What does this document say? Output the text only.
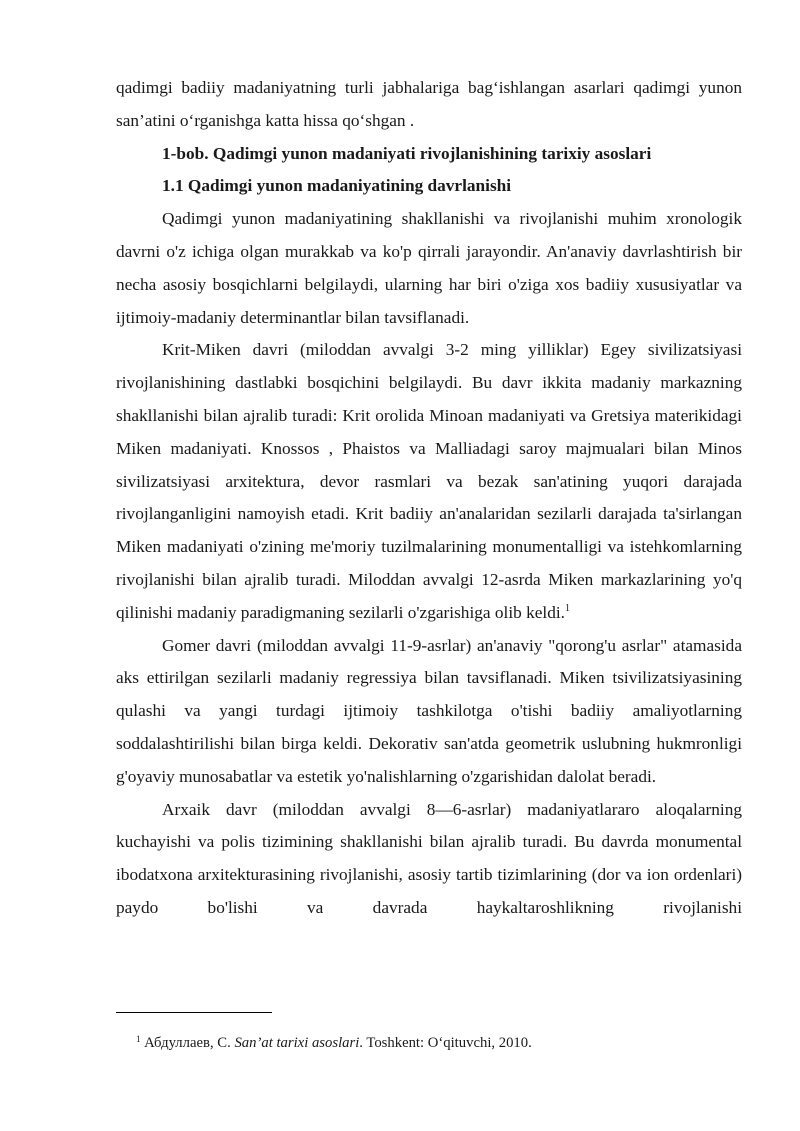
qadimgi badiiy madaniyatning turli jabhalariga bag‘ishlangan asarlari qadimgi yunon san’atini o‘rganishga katta hissa qo‘shgan .

1-bob. Qadimgi yunon madaniyati rivojlanishining tarixiy asoslari

1.1 Qadimgi yunon madaniyatining davrlanishi

Qadimgi yunon madaniyatining shakllanishi va rivojlanishi muhim xronologik davrni o'z ichiga olgan murakkab va ko'p qirrali jarayondir. An'anaviy davrlashtirish bir necha asosiy bosqichlarni belgilaydi, ularning har biri o'ziga xos badiiy xususiyatlar va ijtimoiy-madaniy determinantlar bilan tavsiflanadi.

Krit-Miken davri (miloddan avvalgi 3-2 ming yilliklar) Egey sivilizatsiyasi rivojlanishining dastlabki bosqichini belgilaydi. Bu davr ikkita madaniy markazning shakllanishi bilan ajralib turadi: Krit orolida Minoan madaniyati va Gretsiya materikidagi Miken madaniyati. Knossos , Phaistos va Malliadagi saroy majmualari bilan Minos sivilizatsiyasi arxitektura, devor rasmlari va bezak san'atining yuqori darajada rivojlanganligini namoyish etadi. Krit badiiy an'analaridan sezilarli darajada ta'sirlangan Miken madaniyati o'zining me'moriy tuzilmalarining monumentalligi va istehkomlarning rivojlanishi bilan ajralib turadi. Miloddan avvalgi 12-asrda Miken markazlarining yo'q qilinishi madaniy paradigmaning sezilarli o'zgarishiga olib keldi.$^1$

Gomer davri (miloddan avvalgi 11-9-asrlar) an'anaviy "qorong'u asrlar" atamasida aks ettirilgan sezilarli madaniy regressiya bilan tavsiflanadi. Miken tsivilizatsiyasining qulashi va yangi turdagi ijtimoiy tashkilotga o'tishi badiiy amaliyotlarning soddalashtirilishi bilan birga keldi. Dekorativ san'atda geometrik uslubning hukmronligi g'oyaviy munosabatlar va estetik yo'nalishlarning o'zgarishidan dalolat beradi.

Arxaik davr (miloddan avvalgi 8—6-asrlar) madaniyatlararo aloqalarning kuchayishi va polis tizimining shakllanishi bilan ajralib turadi. Bu davrda monumental ibodatxona arxitekturasining rivojlanishi, asosiy tartib tizimlarining (dor va ion ordenlari) paydo bo'lishi va davrada haykaltaroshlikning rivojlanishi

$^1$ Абдуллаев, С. San’at tarixi asoslari. Toshkent: O‘qituvchi, 2010.
